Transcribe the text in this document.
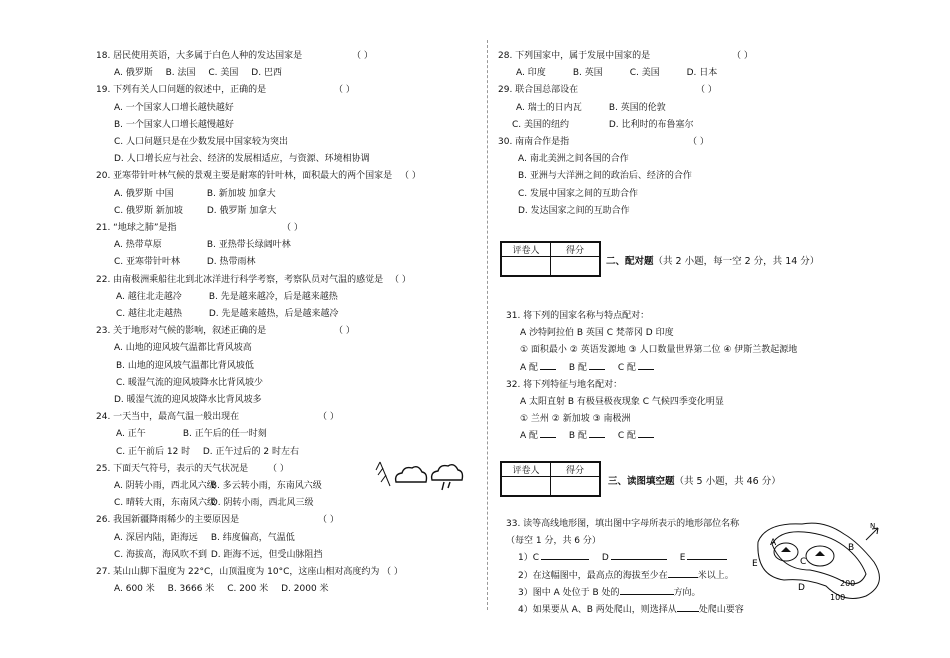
18. 居民使用英语，大多属于白色人种的发达国家是	（ ）
A. 俄罗斯 B. 法国 C. 美国 D. 巴西
19. 下列有关人口问题的叙述中，正确的是	（ ）
A. 一个国家人口增长越快越好
B. 一个国家人口增长越慢越好
C. 人口问题只是在少数发展中国家较为突出
D. 人口增长应与社会、经济的发展相适应，与资源、环境相协调
20. 亚寒带针叶林气候的景观主要是耐寒的针叶林，面积最大的两个国家是 （ ）
A. 俄罗斯 中国	B. 新加坡 加拿大
C. 俄罗斯 新加坡	D. 俄罗斯 加拿大
21. “地球之肺”是指	（ ）
A. 热带草原	B. 亚热带长绿阔叶林
C. 亚寒带针叶林	D. 热带雨林
22. 由南极洲乘船往北到北冰洋进行科学考察，考察队员对气温的感觉是 （ ）
A. 越往北走越冷	B. 先是越来越冷，后是越来越热
C. 越往北走越热	D. 先是越来越热，后是越来越冷
23. 关于地形对气候的影响，叙述正确的是	（ ）
A. 山地的迎风坡气温都比背风坡高
B. 山地的迎风坡气温都比背风坡低
C. 暖湿气流的迎风坡降水比背风坡少
D. 暖湿气流的迎风坡降水比背风坡多
24. 一天当中，最高气温一般出现在	（ ）
A. 正午	B. 正午后的任一时刻
C. 正午前后 12 时 D. 正午过后的 2 时左右
25. 下面天气符号，表示的天气状况是 （ ）
A. 阴转小雨，西北风六级 B. 多云转小雨，东南风六级
C. 晴转大雨，东南风六级 D. 阴转小雨，西北风三级
26. 我国新疆降雨稀少的主要原因是	（ ）
A. 深居内陆，距海远 B. 纬度偏高，气温低
C. 海拔高，海风吹不到 D. 距海不远，但受山脉阻挡
27. 某山山脚下温度为 22°C，山顶温度为 10°C，这座山相对高度约为 （ ）
A. 600 米 B. 3666 米 C. 200 米 D. 2000 米
28. 下列国家中，属于发展中国家的是	（ ）
A. 印度	B. 英国	C. 美国	D. 日本
29. 联合国总部设在	（ ）
A. 瑞士的日内瓦	B. 英国的伦敦
C. 美国的纽约	D. 比利时的布鲁塞尔
30. 南南合作是指	（ ）
A. 南北美洲之间各国的合作
B. 亚洲与大洋洲之间的政治后、经济的合作
C. 发展中国家之间的互助合作
D. 发达国家之间的互助合作
评卷人	得分

二、配对题（共 2 小题，每一空 2 分，共 14 分）
31. 将下列的国家名称与特点配对：
A 沙特阿拉伯 B 英国 C 梵蒂冈 D 印度
① 面积最小 ② 英语发源地 ③ 人口数量世界第二位 ④ 伊斯兰教起源地
A 配	B 配	C 配
32. 将下列特征与地名配对：
A 太阳直射 B 有极昼极夜现象 C 气候四季变化明显
① 兰州 ② 新加坡 ③ 南极洲
A 配	B 配	C 配
评卷人	得分

三、读图填空题（共 5 小题，共 46 分）
33. 读等高线地形图，填出图中字母所表示的地形部位名称
（每空 1 分，共 6 分）
1）C	D	E
2）在这幅图中，最高点的海拔至少在	米以上。
3）图中 A 处位于 B 处的	方向。
4）如果要从 A、B 两处爬山，则选择从 处爬山要容
N
A	B
C
D
E
200
100
